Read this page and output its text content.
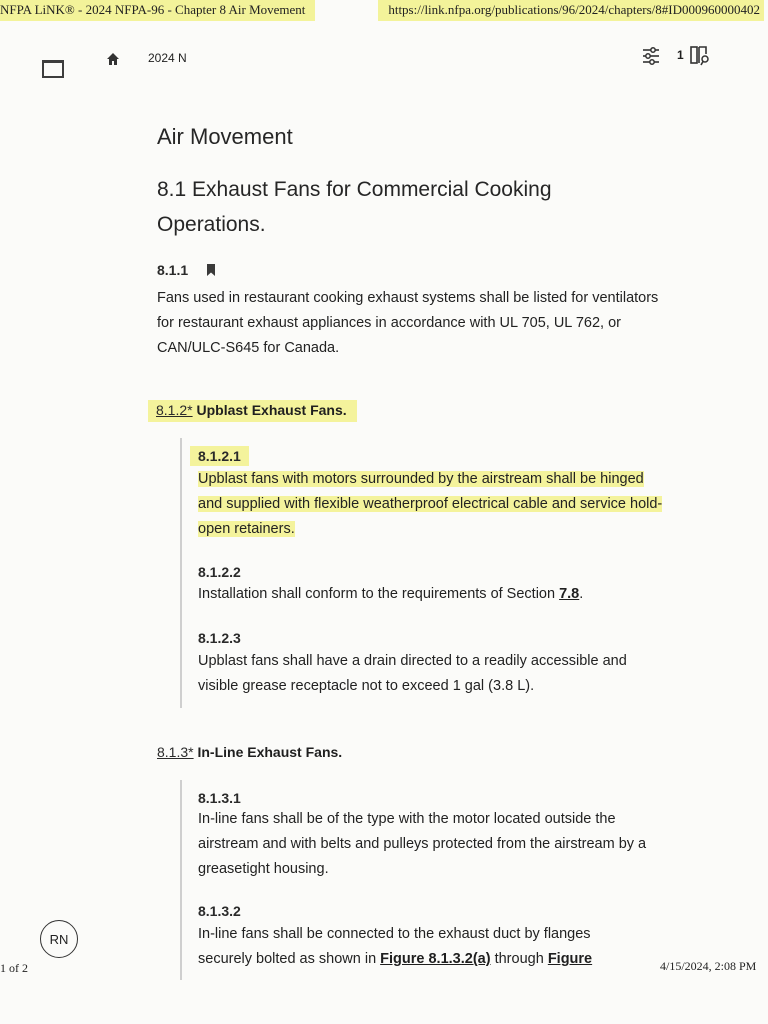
NFPA LiNK® - 2024 NFPA-96 - Chapter 8 Air Movement	https://link.nfpa.org/publications/96/2024/chapters/8#ID000960000402
1 of 2	4/15/2024, 2:08 PM
2024 N	1
Air Movement
8.1 Exhaust Fans for Commercial Cooking Operations.
8.1.1

Fans used in restaurant cooking exhaust systems shall be listed for ventilators for restaurant exhaust appliances in accordance with UL 705, UL 762, or CAN/ULC-S645 for Canada.

8.1.2* Upblast Exhaust Fans.
8.1.2.1

Upblast fans with motors surrounded by the airstream shall be hinged and supplied with flexible weatherproof electrical cable and service hold-open retainers.

8.1.2.2

Installation shall conform to the requirements of Section 7.8.

8.1.2.3

Upblast fans shall have a drain directed to a readily accessible and visible grease receptacle not to exceed 1 gal (3.8 L).

8.1.3* In-Line Exhaust Fans.
8.1.3.1

In-line fans shall be of the type with the motor located outside the airstream and with belts and pulleys protected from the airstream by a greasetight housing.

8.1.3.2

In-line fans shall be connected to the exhaust duct by flanges securely bolted as shown in Figure 8.1.3.2(a) through Figure

RN
